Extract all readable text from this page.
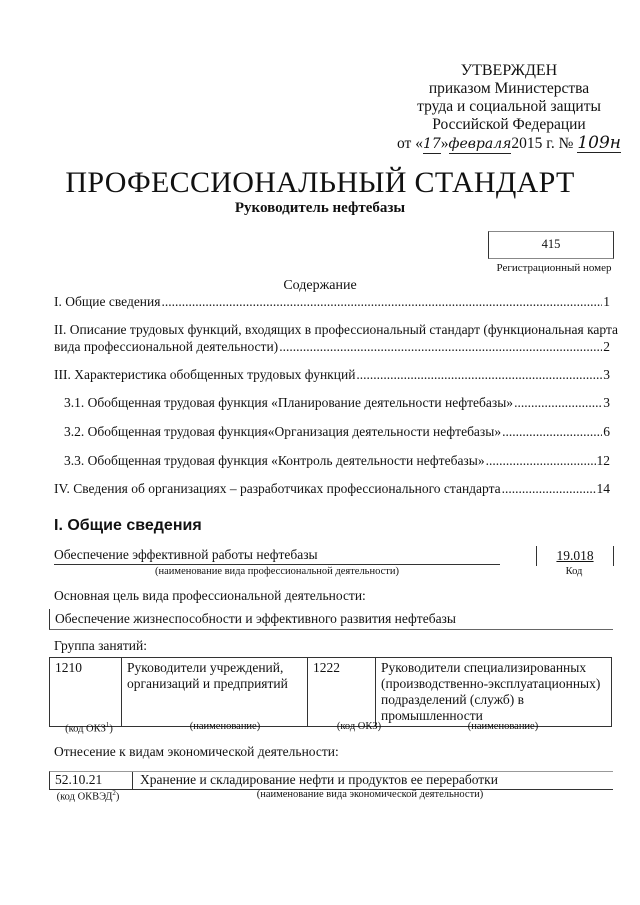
УТВЕРЖДЕН
приказом Министерства
труда и социальной защиты
Российской Федерации
от «17»февраля2015 г. № 109н
ПРОФЕССИОНАЛЬНЫЙ СТАНДАРТ
Руководитель нефтебазы
415
Регистрационный номер
Содержание
I. Общие сведения .....	1
II. Описание трудовых функций, входящих в профессиональный стандарт (функциональная карта
вида профессиональной деятельности) .....	2
III. Характеристика обобщенных трудовых функций .....	3
3.1. Обобщенная трудовая функция «Планирование деятельности нефтебазы» .....	3
3.2. Обобщенная трудовая функция«Организация деятельности нефтебазы» .....	6
3.3. Обобщенная трудовая функция «Контроль деятельности нефтебазы» .....	12
IV. Сведения об организациях – разработчиках профессионального стандарта .....	14
I. Общие сведения
Обеспечение эффективной работы нефтебазы
(наименование вида профессиональной деятельности)
19.018
Код
Основная цель вида профессиональной деятельности:
Обеспечение жизнеспособности и эффективного развития нефтебазы
Группа занятий:
1210	Руководители учреждений, организаций и предприятий	1222	Руководители специализированных (производственно-эксплуатационных) подразделений (служб) в промышленности
(код ОКЗ$^1$)	(наименование)	(код ОКЗ)	(наименование)
Отнесение к видам экономической деятельности:
52.10.21	Хранение и складирование нефти и продуктов ее переработки
(код ОКВЭД$^2$)	(наименование вида экономической деятельности)
